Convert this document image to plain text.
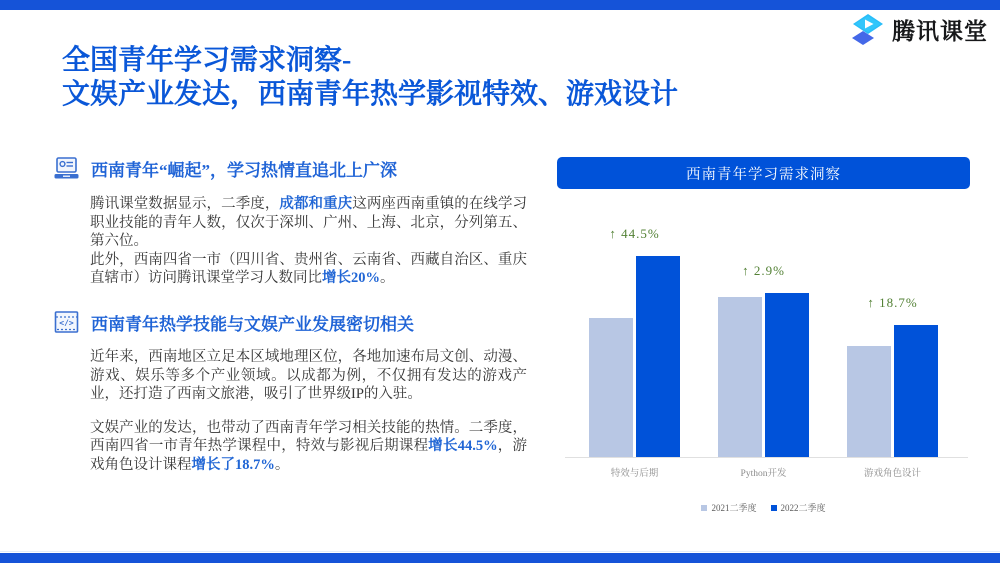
腾讯课堂
全国青年学习需求洞察-
文娱产业发达，西南青年热学影视特效、游戏设计
西南青年“崛起”，学习热情直追北上广深

腾讯课堂数据显示，二季度，成都和重庆这两座西南重镇的在线学习职业技能的青年人数，仅次于深圳、广州、上海、北京，分列第五、第六位。

此外，西南四省一市（四川省、贵州省、云南省、西藏自治区、重庆直辖市）访问腾讯课堂学习人数同比增长20%。

</> 西南青年热学技能与文娱产业发展密切相关

近年来，西南地区立足本区域地理区位，各地加速布局文创、动漫、游戏、娱乐等多个产业领域。以成都为例，不仅拥有发达的游戏产业，还打造了西南文旅港，吸引了世界级IP的入驻。

文娱产业的发达，也带动了西南青年学习相关技能的热情。二季度，西南四省一市青年热学课程中，特效与影视后期课程增长44.5%，游戏角色设计课程增长了18.7%。

西南青年学习需求洞察
↑ 44.5%
↑ 2.9%
↑ 18.7%
特效与后期	Python开发	游戏角色设计
2021二季度	2022二季度
